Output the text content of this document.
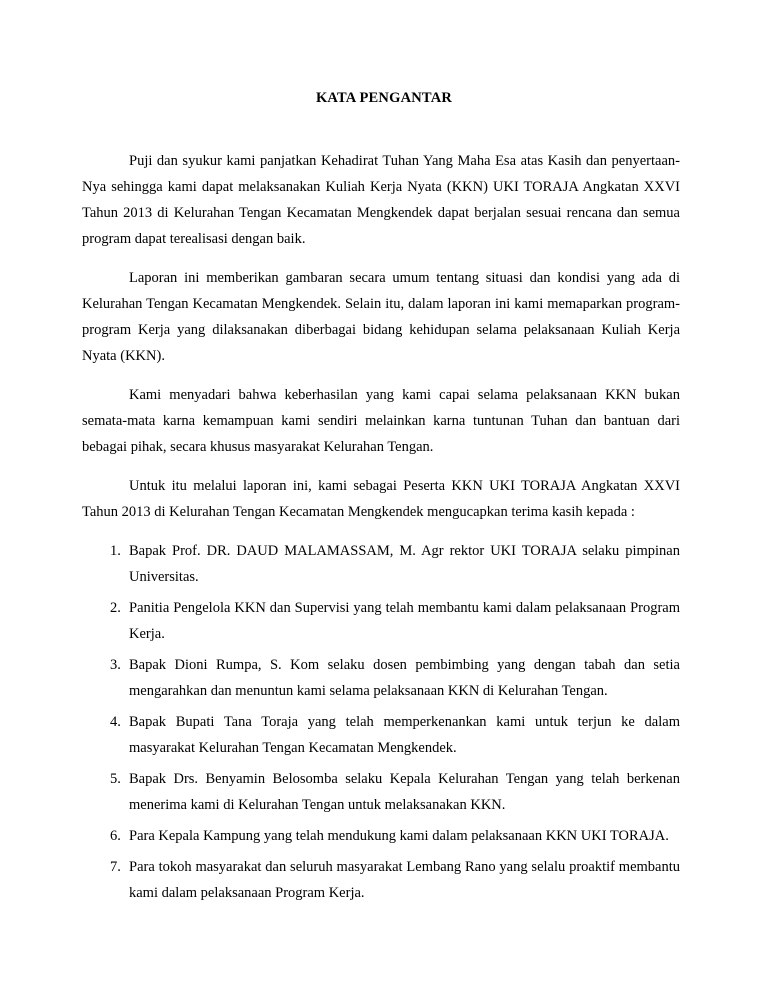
KATA PENGANTAR

Puji dan syukur kami panjatkan Kehadirat Tuhan Yang Maha Esa atas Kasih dan penyertaan-Nya sehingga kami dapat melaksanakan Kuliah Kerja Nyata (KKN) UKI TORAJA Angkatan XXVI Tahun 2013 di Kelurahan Tengan Kecamatan Mengkendek dapat berjalan sesuai rencana dan semua program dapat terealisasi dengan baik.

Laporan ini memberikan gambaran secara umum tentang situasi dan kondisi yang ada di Kelurahan Tengan Kecamatan Mengkendek. Selain itu, dalam laporan ini kami memaparkan program-program Kerja yang dilaksanakan diberbagai bidang kehidupan selama pelaksanaan Kuliah Kerja Nyata (KKN).

Kami menyadari bahwa keberhasilan yang kami capai selama pelaksanaan KKN bukan semata-mata karna kemampuan kami sendiri melainkan karna tuntunan Tuhan dan bantuan dari bebagai pihak, secara khusus masyarakat Kelurahan Tengan.

Untuk itu melalui laporan ini, kami sebagai Peserta KKN UKI TORAJA Angkatan XXVI Tahun 2013 di Kelurahan Tengan Kecamatan Mengkendek mengucapkan terima kasih kepada :

1. Bapak Prof. DR. DAUD MALAMASSAM, M. Agr rektor UKI TORAJA selaku pimpinan Universitas.
2. Panitia Pengelola KKN dan Supervisi yang telah membantu kami dalam pelaksanaan Program Kerja.
3. Bapak Dioni Rumpa, S. Kom selaku dosen pembimbing yang dengan tabah dan setia mengarahkan dan menuntun kami selama pelaksanaan KKN di Kelurahan Tengan.
4. Bapak Bupati Tana Toraja yang telah memperkenankan kami untuk terjun ke dalam masyarakat Kelurahan Tengan Kecamatan Mengkendek.
5. Bapak Drs. Benyamin Belosomba selaku Kepala Kelurahan Tengan yang telah berkenan menerima kami di Kelurahan Tengan untuk melaksanakan KKN.
6. Para Kepala Kampung yang telah mendukung kami dalam pelaksanaan KKN UKI TORAJA.
7. Para tokoh masyarakat dan seluruh masyarakat Lembang Rano yang selalu proaktif membantu kami dalam pelaksanaan Program Kerja.
